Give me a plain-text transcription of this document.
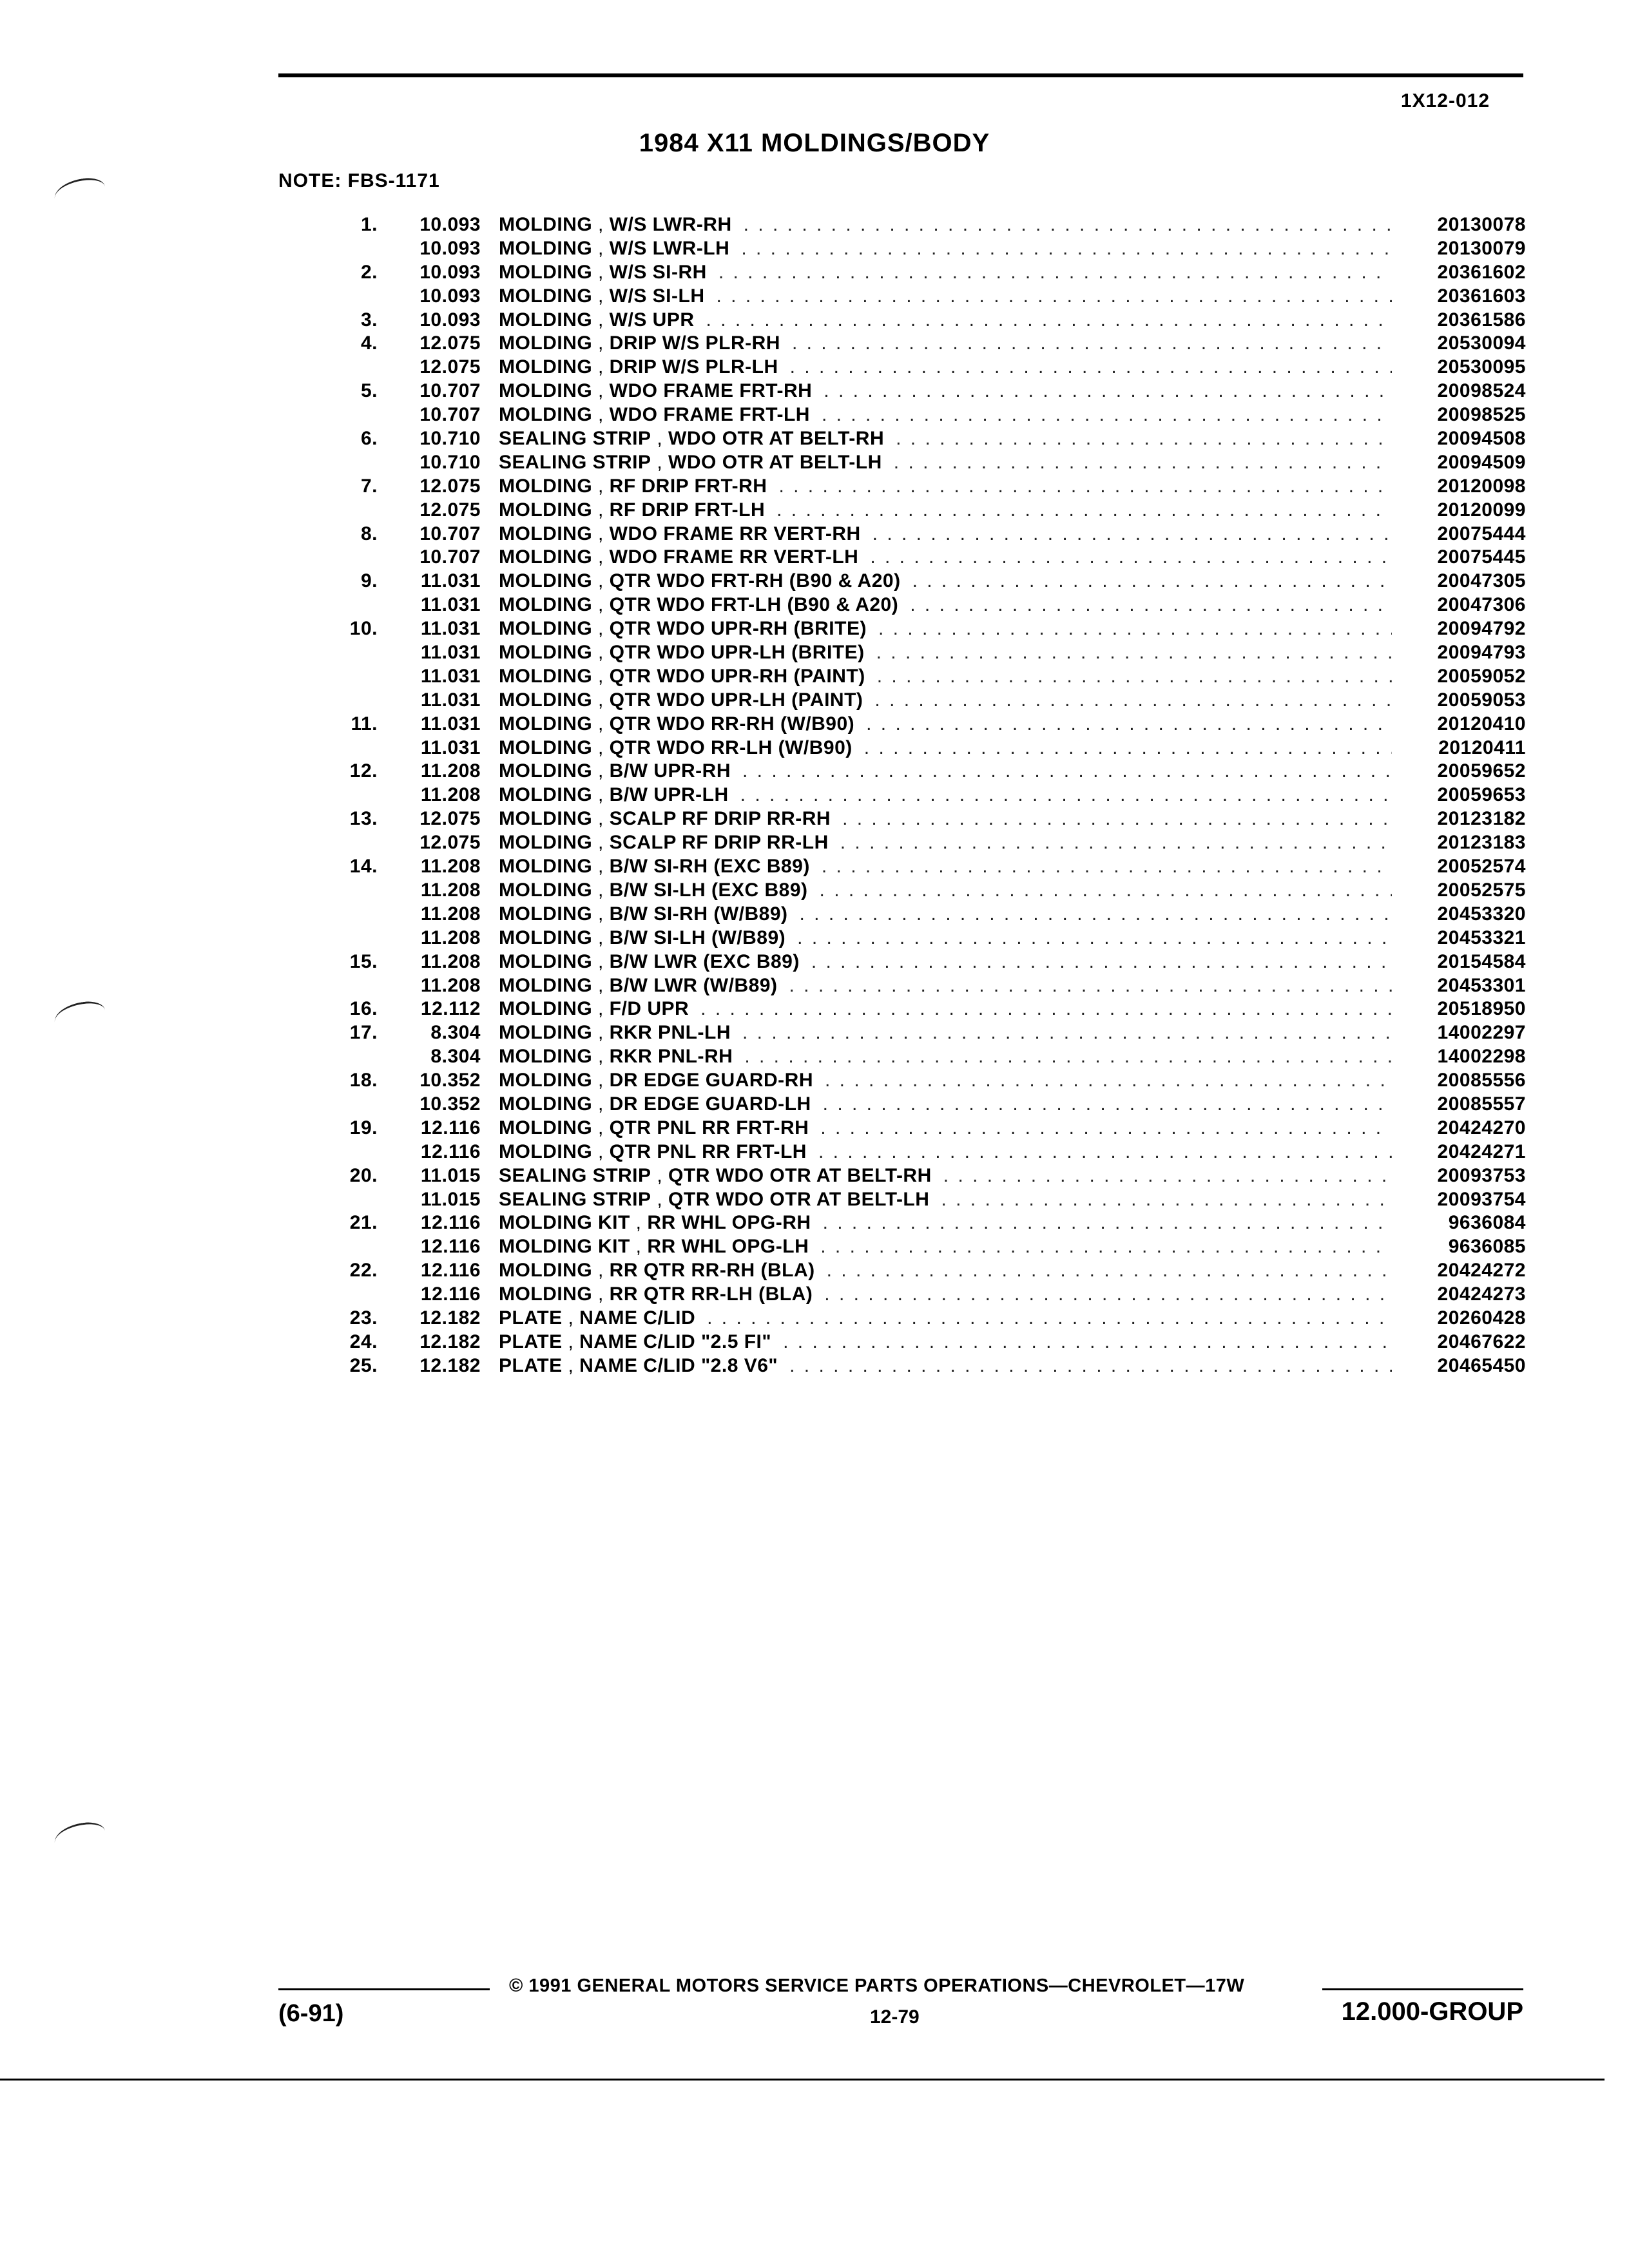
1X12-012
1984 X11 MOLDINGS/BODY
NOTE: FBS-1171
1.	10.093 MOLDING , W/S LWR-RH . . .	20130078
10.093 MOLDING , W/S LWR-LH . . .	20130079
2.	10.093 MOLDING , W/S SI-RH . . .	20361602
10.093 MOLDING , W/S SI-LH . . .	20361603
3.	10.093 MOLDING , W/S UPR . . .	20361586
4.	12.075 MOLDING , DRIP W/S PLR-RH . . .	20530094
12.075 MOLDING , DRIP W/S PLR-LH . . .	20530095
5.	10.707 MOLDING , WDO FRAME FRT-RH . . .	20098524
10.707 MOLDING , WDO FRAME FRT-LH . . .	20098525
6.	10.710 SEALING STRIP , WDO OTR AT BELT-RH . . .	20094508
10.710 SEALING STRIP , WDO OTR AT BELT-LH . . .	20094509
7.	12.075 MOLDING , RF DRIP FRT-RH . . .	20120098
12.075 MOLDING , RF DRIP FRT-LH . . .	20120099
8.	10.707 MOLDING , WDO FRAME RR VERT-RH . . .	20075444
10.707 MOLDING , WDO FRAME RR VERT-LH . . .	20075445
9.	11.031 MOLDING , QTR WDO FRT-RH (B90 & A20) . . .	20047305
11.031 MOLDING , QTR WDO FRT-LH (B90 & A20) . . .	20047306
10.	11.031 MOLDING , QTR WDO UPR-RH (BRITE) . . .	20094792
11.031 MOLDING , QTR WDO UPR-LH (BRITE) . . .	20094793
11.031 MOLDING , QTR WDO UPR-RH (PAINT) . . .	20059052
11.031 MOLDING , QTR WDO UPR-LH (PAINT) . . .	20059053
11.	11.031 MOLDING , QTR WDO RR-RH (W/B90) . . .	20120410
11.031 MOLDING , QTR WDO RR-LH (W/B90) . . .	20120411
12.	11.208 MOLDING , B/W UPR-RH . . .	20059652
11.208 MOLDING , B/W UPR-LH . . .	20059653
13.	12.075 MOLDING , SCALP RF DRIP RR-RH . . .	20123182
12.075 MOLDING , SCALP RF DRIP RR-LH . . .	20123183
14.	11.208 MOLDING , B/W SI-RH (EXC B89) . . .	20052574
11.208 MOLDING , B/W SI-LH (EXC B89) . . .	20052575
11.208 MOLDING , B/W SI-RH (W/B89) . . .	20453320
11.208 MOLDING , B/W SI-LH (W/B89) . . .	20453321
15.	11.208 MOLDING , B/W LWR (EXC B89) . . .	20154584
11.208 MOLDING , B/W LWR (W/B89) . . .	20453301
16.	12.112 MOLDING , F/D UPR . . .	20518950
17.	8.304 MOLDING , RKR PNL-LH . . .	14002297
8.304 MOLDING , RKR PNL-RH . . .	14002298
18.	10.352 MOLDING , DR EDGE GUARD-RH . . .	20085556
10.352 MOLDING , DR EDGE GUARD-LH . . .	20085557
19.	12.116 MOLDING , QTR PNL RR FRT-RH . . .	20424270
12.116 MOLDING , QTR PNL RR FRT-LH . . .	20424271
20.	11.015 SEALING STRIP , QTR WDO OTR AT BELT-RH . . .	20093753
11.015 SEALING STRIP , QTR WDO OTR AT BELT-LH . . .	20093754
21.	12.116 MOLDING KIT , RR WHL OPG-RH . . .	9636084
12.116 MOLDING KIT , RR WHL OPG-LH . . .	9636085
22.	12.116 MOLDING , RR QTR RR-RH (BLA) . . .	20424272
12.116 MOLDING , RR QTR RR-LH (BLA) . . .	20424273
23.	12.182 PLATE , NAME C/LID . . .	20260428
24.	12.182 PLATE , NAME C/LID "2.5 FI" . . .	20467622
25.	12.182 PLATE , NAME C/LID "2.8 V6" . . .	20465450
© 1991 GENERAL MOTORS SERVICE PARTS OPERATIONS—CHEVROLET—17W
(6-91)	12-79	12.000-GROUP
